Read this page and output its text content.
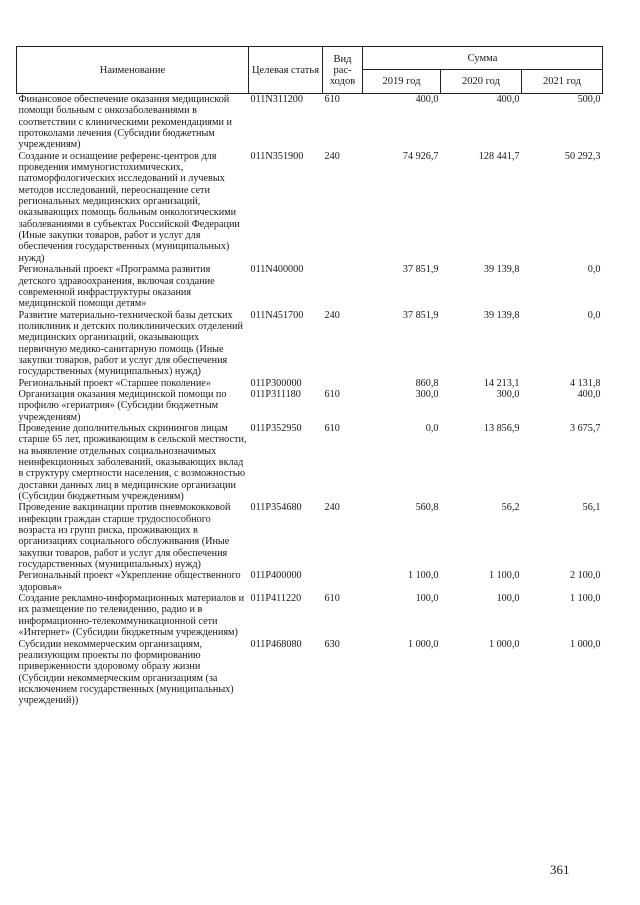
Наименование	Целевая статья	Вид рас-ходов	Сумма		
			2019 год	2020 год	2021 год
Финансовое обеспечение оказания медицинской помощи больным с онкозаболеваниями в соответствии с клиническими рекомендациями и протоколами лечения (Субсидии бюджетным учреждениям)	011N311200	610	400,0	400,0	500,0
Создание и оснащение референс-центров для проведения иммуногистохимических, патоморфологических исследований и лучевых методов исследований, переоснащение сети региональных медицинских организаций, оказывающих помощь больным онкологическими заболеваниями в субъектах Российской Федерации (Иные закупки товаров, работ и услуг для обеспечения государственных (муниципальных) нужд)	011N351900	240	74 926,7	128 441,7	50 292,3
Региональный проект «Программа развития детского здравоохранения, включая создание современной инфраструктуры оказания медицинской помощи детям»	011N400000		37 851,9	39 139,8	0,0
Развитие материально-технической базы детских поликлиник и детских поликлинических отделений медицинских организаций, оказывающих первичную медико-санитарную помощь (Иные закупки товаров, работ и услуг для обеспечения государственных (муниципальных) нужд)	011N451700	240	37 851,9	39 139,8	0,0
Региональный проект «Старшее поколение»	011P300000		860,8	14 213,1	4 131,8
Организация оказания медицинской помощи по профилю «гериатрия» (Субсидии бюджетным учреждениям)	011P311180	610	300,0	300,0	400,0
Проведение дополнительных скринингов лицам старше 65 лет, проживающим в сельской местности, на выявление отдельных социальнозначимых неинфекционных заболеваний, оказывающих вклад в структуру смертности населения, с возможностью доставки данных лиц в медицинские организации (Субсидии бюджетным учреждениям)	011P352950	610	0,0	13 856,9	3 675,7
Проведение вакцинации против пневмококковой инфекции граждан старше трудоспособного возраста из групп риска, проживающих в организациях социального обслуживания (Иные закупки товаров, работ и услуг для обеспечения государственных (муниципальных) нужд)	011P354680	240	560,8	56,2	56,1
Региональный проект «Укрепление общественного здоровья»	011P400000		1 100,0	1 100,0	2 100,0
Создание рекламно-информационных материалов и их размещение по телевидению, радио и в информационно-телекоммуникационной сети «Интернет» (Субсидии бюджетным учреждениям)	011P411220	610	100,0	100,0	1 100,0
Субсидии некоммерческим организациям, реализующим проекты по формированию приверженности здоровому образу жизни (Субсидии некоммерческим организациям (за исключением государственных (муниципальных) учреждений))	011P468080	630	1 000,0	1 000,0	1 000,0
361
